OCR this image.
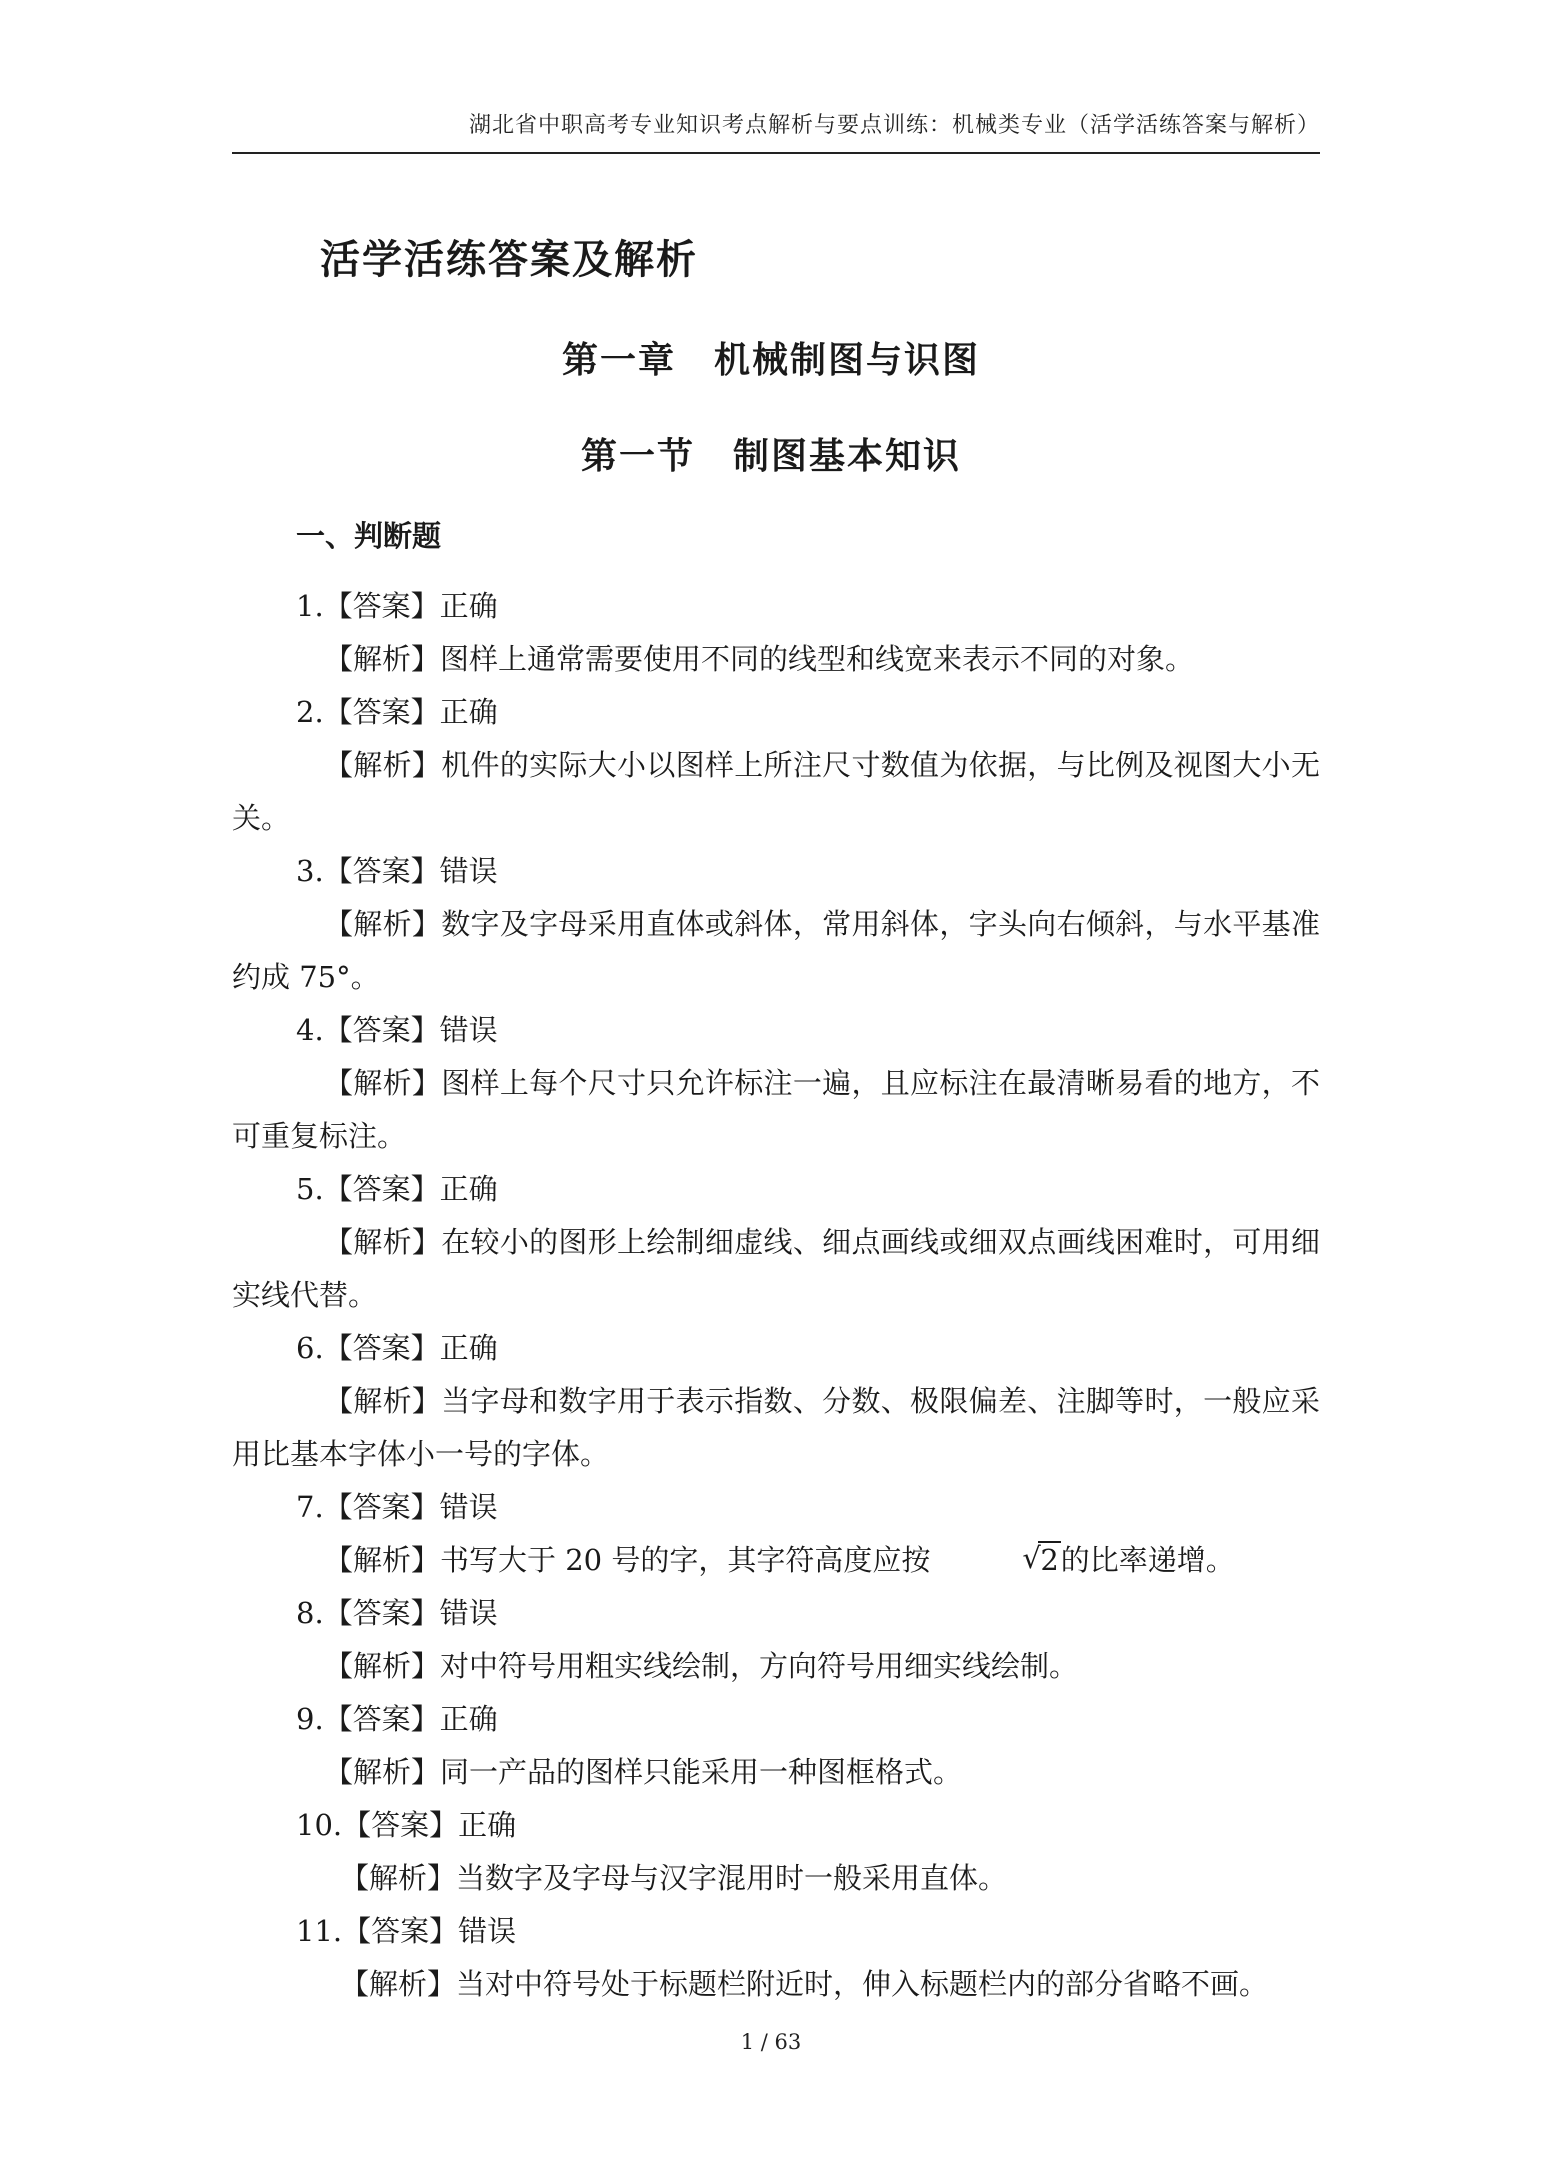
湖北省中职高考专业知识考点解析与要点训练：机械类专业（活学活练答案与解析）
活学活练答案及解析
第一章　机械制图与识图
第一节　制图基本知识
一、判断题
1.【答案】正确
【解析】图样上通常需要使用不同的线型和线宽来表示不同的对象。
2.【答案】正确
【解析】机件的实际大小以图样上所注尺寸数值为依据，与比例及视图大小无关。
3.【答案】错误
【解析】数字及字母采用直体或斜体，常用斜体，字头向右倾斜，与水平基准约成 75°。
4.【答案】错误
【解析】图样上每个尺寸只允许标注一遍，且应标注在最清晰易看的地方，不可重复标注。
5.【答案】正确
【解析】在较小的图形上绘制细虚线、细点画线或细双点画线困难时，可用细实线代替。
6.【答案】正确
【解析】当字母和数字用于表示指数、分数、极限偏差、注脚等时，一般应采用比基本字体小一号的字体。
7.【答案】错误
【解析】书写大于 20 号的字，其字符高度应按	√ 2的比率递增。
8.【答案】错误
【解析】对中符号用粗实线绘制，方向符号用细实线绘制。
9.【答案】正确
【解析】同一产品的图样只能采用一种图框格式。
10.【答案】正确
【解析】当数字及字母与汉字混用时一般采用直体。
11.【答案】错误
【解析】当对中符号处于标题栏附近时，伸入标题栏内的部分省略不画。
1 / 63
